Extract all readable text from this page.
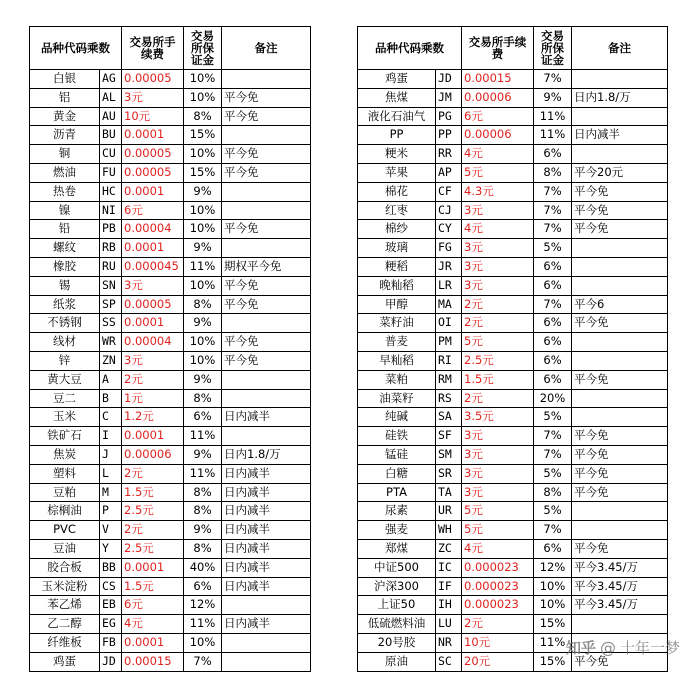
品种代码乘数		交易所手续费	交易所保证金	备注
白银	AG	0.00005	10%	
铝	AL	3元	10%	平今免
黄金	AU	10元	8%	平今免
沥青	BU	0.0001	15%	
铜	CU	0.00005	10%	平今免
燃油	FU	0.00005	15%	平今免
热卷	HC	0.0001	9%	
镍	NI	6元	10%	
铅	PB	0.00004	10%	平今免
螺纹	RB	0.0001	9%	
橡胶	RU	0.000045	11%	期权平今免
锡	SN	3元	10%	平今免
纸浆	SP	0.00005	8%	平今免
不锈钢	SS	0.0001	9%	
线材	WR	0.00004	10%	平今免
锌	ZN	3元	10%	平今免
黄大豆	A	2元	9%	
豆二	B	1元	8%	
玉米	C	1.2元	6%	日内减半
铁矿石	I	0.0001	11%	
焦炭	J	0.00006	9%	日内1.8/万
塑料	L	2元	11%	日内减半
豆粕	M	1.5元	8%	日内减半
棕榈油	P	2.5元	8%	日内减半
PVC	V	2元	9%	日内减半
豆油	Y	2.5元	8%	日内减半
胶合板	BB	0.0001	40%	日内减半
玉米淀粉	CS	1.5元	6%	日内减半
苯乙烯	EB	6元	12%	
乙二醇	EG	4元	11%	日内减半
纤维板	FB	0.0001	10%	
鸡蛋	JD	0.00015	7%	
品种代码乘数		交易所手续费	交易所保证金	备注
鸡蛋	JD	0.00015	7%	
焦煤	JM	0.00006	9%	日内1.8/万
液化石油气	PG	6元	11%	
PP	PP	0.00006	11%	日内减半
粳米	RR	4元	6%	
苹果	AP	5元	8%	平今20元
棉花	CF	4.3元	7%	平今免
红枣	CJ	3元	7%	平今免
棉纱	CY	4元	7%	平今免
玻璃	FG	3元	5%	
粳稻	JR	3元	6%	
晚籼稻	LR	3元	6%	
甲醇	MA	2元	7%	平今6
菜籽油	OI	2元	6%	平今免
普麦	PM	5元	6%	
早籼稻	RI	2.5元	6%	
菜粕	RM	1.5元	6%	平今免
油菜籽	RS	2元	20%	
纯碱	SA	3.5元	5%	
硅铁	SF	3元	7%	平今免
锰硅	SM	3元	7%	平今免
白糖	SR	3元	5%	平今免
PTA	TA	3元	8%	平今免
尿素	UR	5元	5%	
强麦	WH	5元	7%	
郑煤	ZC	4元	6%	平今免
中证500	IC	0.000023	12%	平今3.45/万
沪深300	IF	0.000023	10%	平今3.45/万
上证50	IH	0.000023	10%	平今3.45/万
低硫燃料油	LU	2元	15%	
20号胶	NR	10元	11%	
原油	SC	20元	15%	平今免
知乎 @ 十年一梦
